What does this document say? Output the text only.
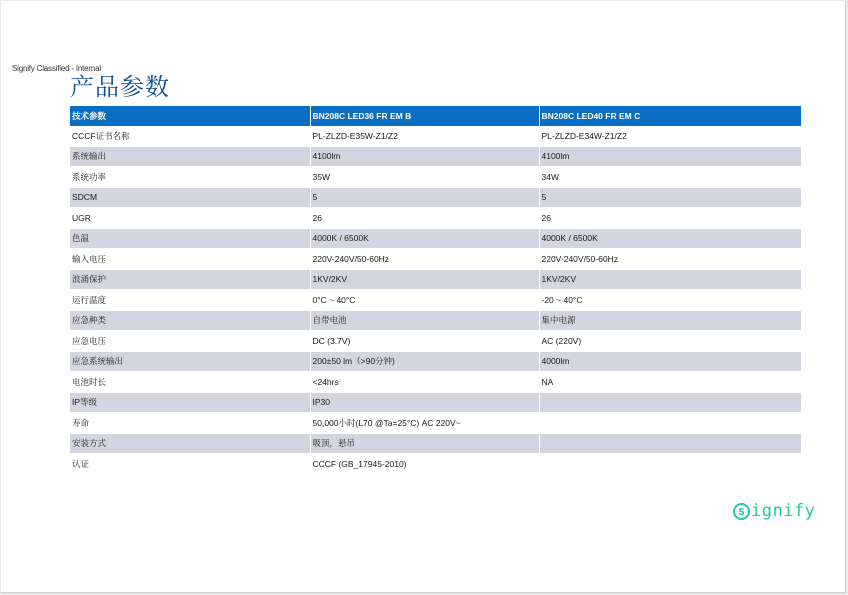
Signify Classified - Internal
产品参数
技术参数	BN208C LED36 FR EM B	BN208C LED40 FR EM C
CCCF证书名称	PL-ZLZD-E35W-Z1/Z2	PL-ZLZD-E34W-Z1/Z2
系统输出	4100lm	4100lm
系统功率	35W	34W
SDCM	5	5
UGR	26	26
色温	4000K / 6500K	4000K / 6500K
输入电压	220V-240V/50-60Hz	220V-240V/50-60Hz
浪涌保护	1KV/2KV	1KV/2KV
运行温度	0°C ~ 40°C	-20 ~ 40°C
应急种类	自带电池	集中电源
应急电压	DC (3.7V)	AC (220V)
应急系统输出	200±50 lm（>90分钟)	4000lm
电池时长	<24hrs	NA
IP等级	IP30	
寿命	50,000小时(L70 @Ta=25°C) AC 220V~	
安装方式	吸顶，悬吊	
认证	CCCF (GB_17945-2010)	
s ignify
